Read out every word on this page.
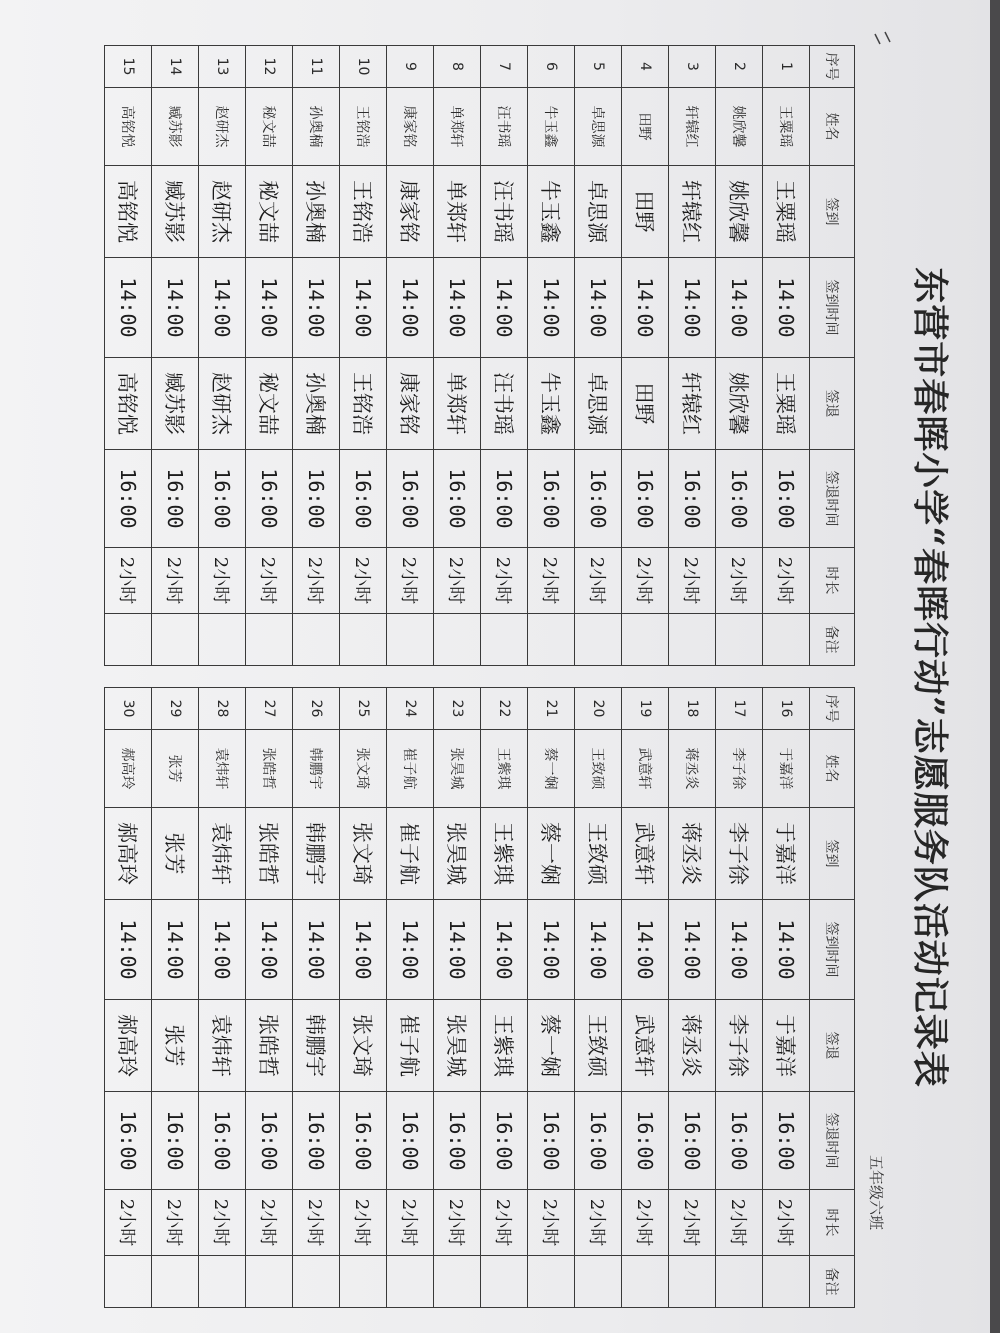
东营市春晖小学“春晖行动”志愿服务队活动记录表
五年级六班
序号	姓名	签到	签到时间	签退	签退时间	时长	备注
1	王粟瑶	王粟瑶	14:00	王粟瑶	16:00	2小时	
2	姚欣馨	姚欣馨	14:00	姚欣馨	16:00	2小时	
3	轩辕红	轩辕红	14:00	轩辕红	16:00	2小时	
4	田野	田野	14:00	田野	16:00	2小时	
5	卓思源	卓思源	14:00	卓思源	16:00	2小时	
6	牛玉鑫	牛玉鑫	14:00	牛玉鑫	16:00	2小时	
7	汪书瑶	汪书瑶	14:00	汪书瑶	16:00	2小时	
8	单郑轩	单郑轩	14:00	单郑轩	16:00	2小时	
9	康家铭	康家铭	14:00	康家铭	16:00	2小时	
10	王铭浩	王铭浩	14:00	王铭浩	16:00	2小时	
11	孙奥楠	孙奥楠	14:00	孙奥楠	16:00	2小时	
12	秘文喆	秘文喆	14:00	秘文喆	16:00	2小时	
13	赵研杰	赵研杰	14:00	赵研杰	16:00	2小时	
14	臧苏影	臧苏影	14:00	臧苏影	16:00	2小时	
15	高铭悦	高铭悦	14:00	高铭悦	16:00	2小时	
序号	姓名	签到	签到时间	签退	签退时间	时长	备注
16	于嘉洋	于嘉洋	14:00	于嘉洋	16:00	2小时	
17	李子徐	李子徐	14:00	李子徐	16:00	2小时	
18	蒋丞炎	蒋丞炎	14:00	蒋丞炎	16:00	2小时	
19	武意轩	武意轩	14:00	武意轩	16:00	2小时	
20	王致硕	王致硕	14:00	王致硕	16:00	2小时	
21	蔡一娴	蔡一娴	14:00	蔡一娴	16:00	2小时	
22	王紫琪	王紫琪	14:00	王紫琪	16:00	2小时	
23	张昊城	张昊城	14:00	张昊城	16:00	2小时	
24	崔子航	崔子航	14:00	崔子航	16:00	2小时	
25	张文琦	张文琦	14:00	张文琦	16:00	2小时	
26	韩鹏宇	韩鹏宇	14:00	韩鹏宇	16:00	2小时	
27	张皓哲	张皓哲	14:00	张皓哲	16:00	2小时	
28	袁炜轩	袁炜轩	14:00	袁炜轩	16:00	2小时	
29	张芳	张芳	14:00	张芳	16:00	2小时	
30	郝高玲	郝高玲	14:00	郝高玲	16:00	2小时	
